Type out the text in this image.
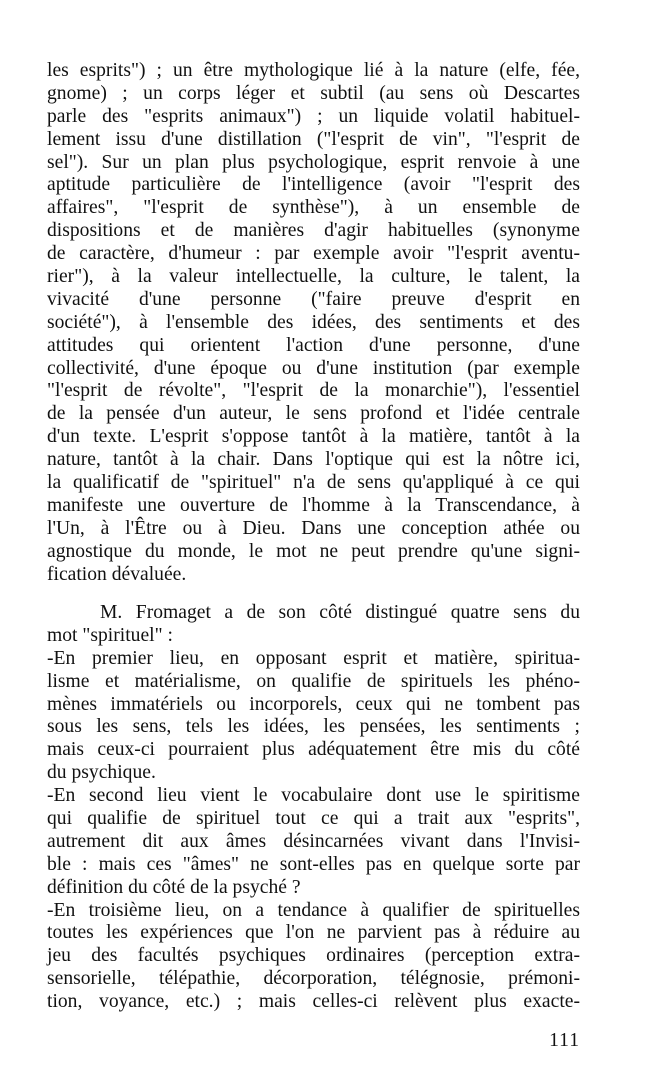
les esprits") ; un être mythologique lié à la nature (elfe, fée,
gnome) ; un corps léger et subtil (au sens où Descartes
parle des "esprits animaux") ; un liquide volatil habituel-
lement issu d'une distillation ("l'esprit de vin", "l'esprit de
sel"). Sur un plan plus psychologique, esprit renvoie à une
aptitude particulière de l'intelligence (avoir "l'esprit des
affaires", "l'esprit de synthèse"), à un ensemble de
dispositions et de manières d'agir habituelles (synonyme
de caractère, d'humeur : par exemple avoir "l'esprit aventu-
rier"), à la valeur intellectuelle, la culture, le talent, la
vivacité d'une personne ("faire preuve d'esprit en
société"), à l'ensemble des idées, des sentiments et des
attitudes qui orientent l'action d'une personne, d'une
collectivité, d'une époque ou d'une institution (par exemple
"l'esprit de révolte", "l'esprit de la monarchie"), l'essentiel
de la pensée d'un auteur, le sens profond et l'idée centrale
d'un texte. L'esprit s'oppose tantôt à la matière, tantôt à la
nature, tantôt à la chair. Dans l'optique qui est la nôtre ici,
la qualificatif de "spirituel" n'a de sens qu'appliqué à ce qui
manifeste une ouverture de l'homme à la Transcendance, à
l'Un, à l'Être ou à Dieu. Dans une conception athée ou
agnostique du monde, le mot ne peut prendre qu'une signi-
fication dévaluée.
M. Fromaget a de son côté distingué quatre sens du
mot "spirituel" :
-En premier lieu, en opposant esprit et matière, spiritua-
lisme et matérialisme, on qualifie de spirituels les phéno-
mènes immatériels ou incorporels, ceux qui ne tombent pas
sous les sens, tels les idées, les pensées, les sentiments ;
mais ceux-ci pourraient plus adéquatement être mis du côté
du psychique.
-En second lieu vient le vocabulaire dont use le spiritisme
qui qualifie de spirituel tout ce qui a trait aux "esprits",
autrement dit aux âmes désincarnées vivant dans l'Invisi-
ble : mais ces "âmes" ne sont-elles pas en quelque sorte par
définition du côté de la psyché ?
-En troisième lieu, on a tendance à qualifier de spirituelles
toutes les expériences que l'on ne parvient pas à réduire au
jeu des facultés psychiques ordinaires (perception extra-
sensorielle, télépathie, décorporation, télégnosie, prémoni-
tion, voyance, etc.) ; mais celles-ci relèvent plus exacte-
111
